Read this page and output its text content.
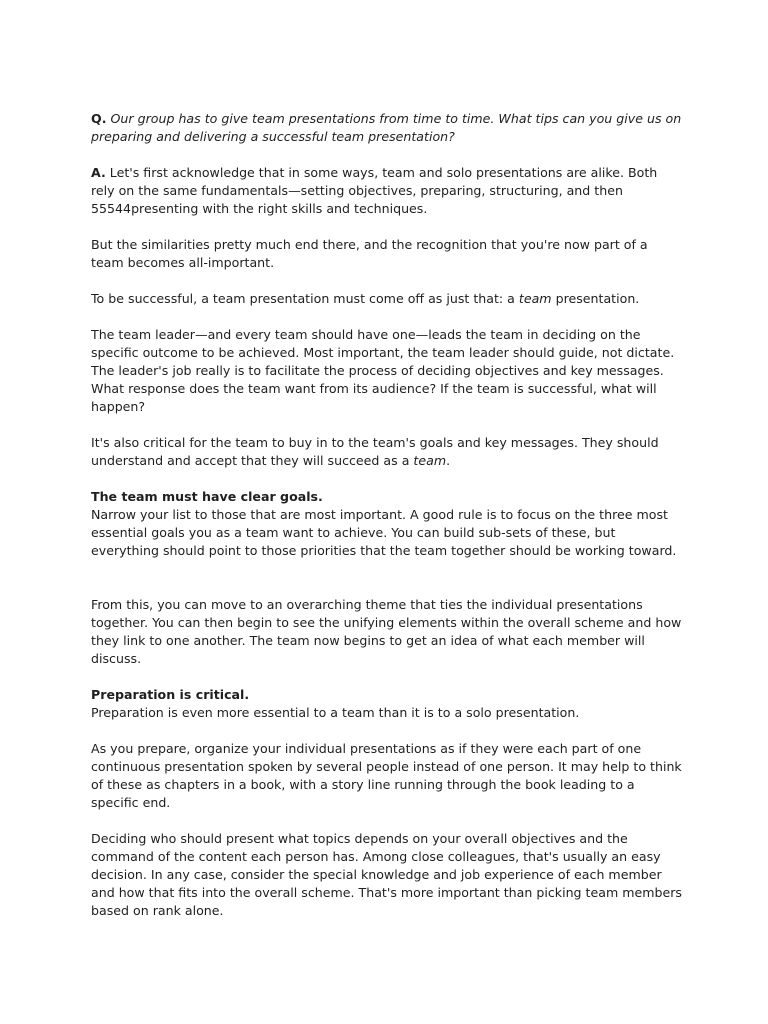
Q. Our group has to give team presentations from time to time. What tips can you give us on preparing and delivering a successful team presentation?

A. Let's first acknowledge that in some ways, team and solo presentations are alike. Both rely on the same fundamentals—setting objectives, preparing, structuring, and then 55544presenting with the right skills and techniques.

But the similarities pretty much end there, and the recognition that you're now part of a team becomes all-important.

To be successful, a team presentation must come off as just that: a team presentation.

The team leader—and every team should have one—leads the team in deciding on the specific outcome to be achieved. Most important, the team leader should guide, not dictate. The leader's job really is to facilitate the process of deciding objectives and key messages. What response does the team want from its audience? If the team is successful, what will happen?

It's also critical for the team to buy in to the team's goals and key messages. They should understand and accept that they will succeed as a team.

The team must have clear goals.
Narrow your list to those that are most important. A good rule is to focus on the three most essential goals you as a team want to achieve. You can build sub-sets of these, but everything should point to those priorities that the team together should be working toward.

From this, you can move to an overarching theme that ties the individual presentations together. You can then begin to see the unifying elements within the overall scheme and how they link to one another. The team now begins to get an idea of what each member will discuss.

Preparation is critical.
Preparation is even more essential to a team than it is to a solo presentation.

As you prepare, organize your individual presentations as if they were each part of one continuous presentation spoken by several people instead of one person. It may help to think of these as chapters in a book, with a story line running through the book leading to a specific end.

Deciding who should present what topics depends on your overall objectives and the command of the content each person has. Among close colleagues, that's usually an easy decision. In any case, consider the special knowledge and job experience of each member and how that fits into the overall scheme. That's more important than picking team members based on rank alone.
